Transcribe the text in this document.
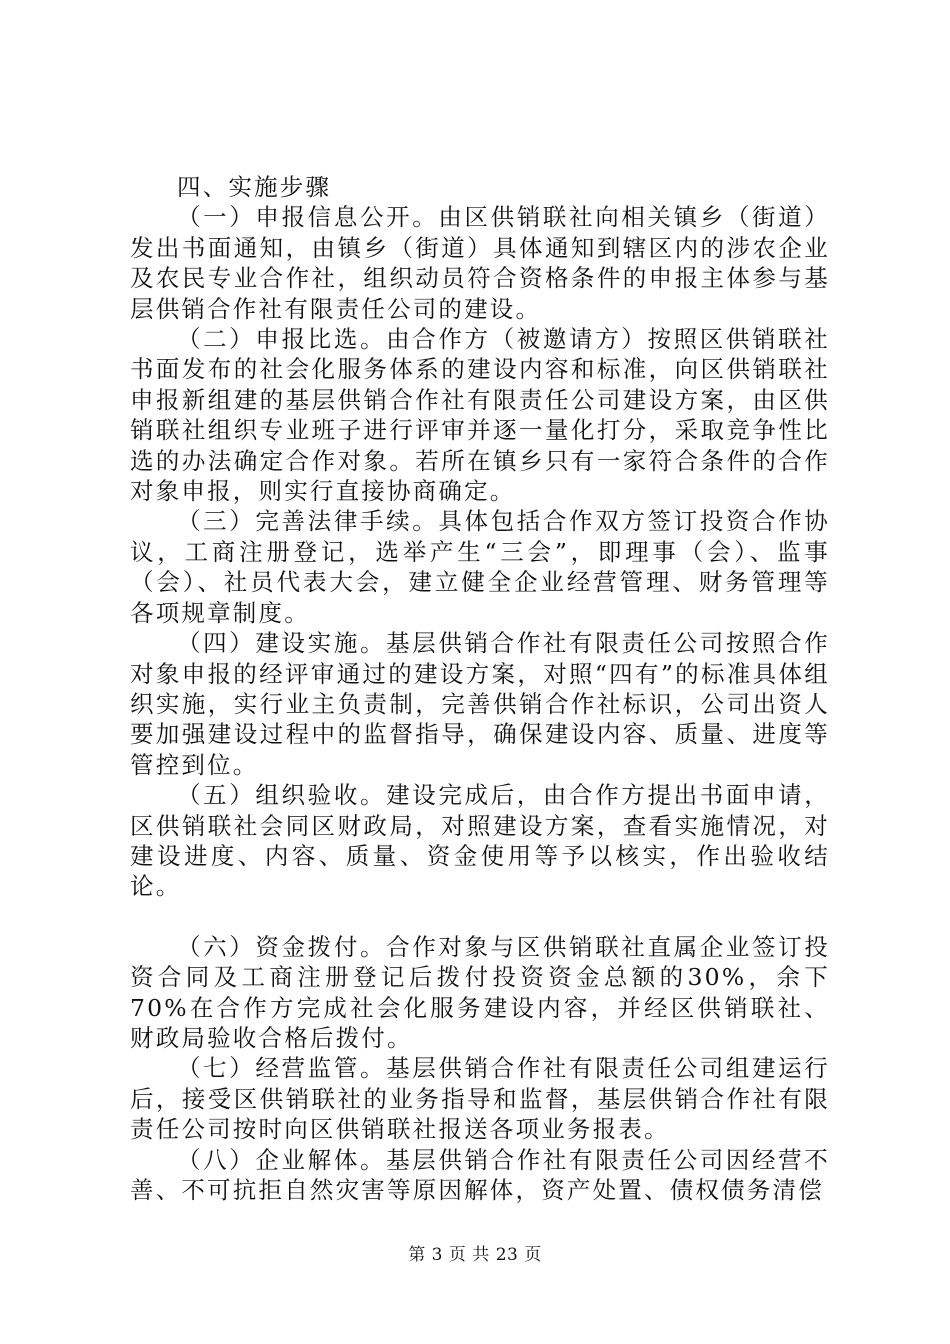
四、实施步骤

（一）申报信息公开。由区供销联社向相关镇乡（街道）发出书面通知，由镇乡（街道）具体通知到辖区内的涉农企业及农民专业合作社，组织动员符合资格条件的申报主体参与基层供销合作社有限责任公司的建设。

（二）申报比选。由合作方（被邀请方）按照区供销联社书面发布的社会化服务体系的建设内容和标准，向区供销联社申报新组建的基层供销合作社有限责任公司建设方案，由区供销联社组织专业班子进行评审并逐一量化打分，采取竞争性比选的办法确定合作对象。若所在镇乡只有一家符合条件的合作对象申报，则实行直接协商确定。

（三）完善法律手续。具体包括合作双方签订投资合作协议，工商注册登记，选举产生“三会”，即理事（会）、监事（会）、社员代表大会，建立健全企业经营管理、财务管理等各项规章制度。

（四）建设实施。基层供销合作社有限责任公司按照合作对象申报的经评审通过的建设方案，对照“四有”的标准具体组织实施，实行业主负责制，完善供销合作社标识，公司出资人要加强建设过程中的监督指导，确保建设内容、质量、进度等管控到位。

（五）组织验收。建设完成后，由合作方提出书面申请，区供销联社会同区财政局，对照建设方案，查看实施情况，对建设进度、内容、质量、资金使用等予以核实，作出验收结论。

（六）资金拨付。合作对象与区供销联社直属企业签订投资合同及工商注册登记后拨付投资资金总额的30%，余下70%在合作方完成社会化服务建设内容，并经区供销联社、财政局验收合格后拨付。

（七）经营监管。基层供销合作社有限责任公司组建运行后，接受区供销联社的业务指导和监督，基层供销合作社有限责任公司按时向区供销联社报送各项业务报表。

（八）企业解体。基层供销合作社有限责任公司因经营不善、不可抗拒自然灾害等原因解体，资产处置、债权债务清偿

第 3 页 共 23 页
